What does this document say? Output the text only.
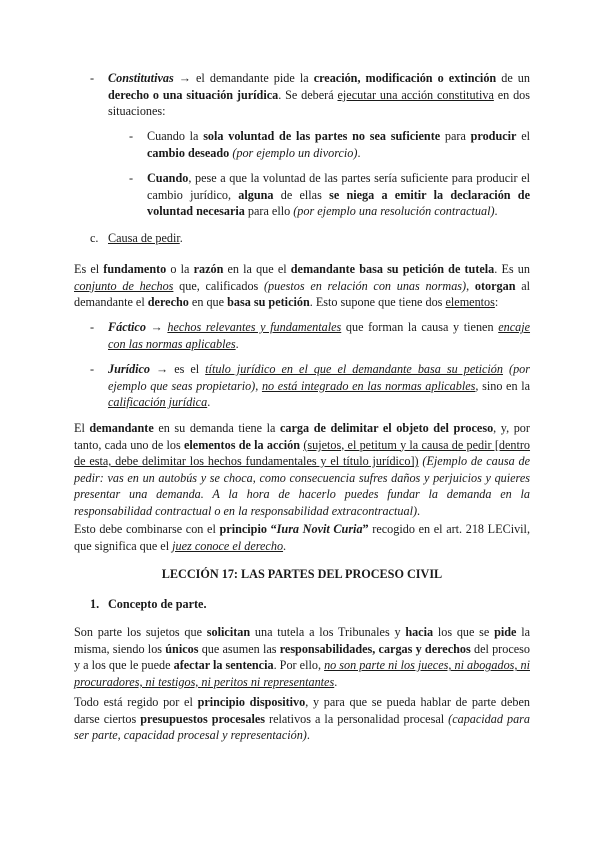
- Constitutivas → el demandante pide la creación, modificación o extinción de un derecho o una situación jurídica. Se deberá ejecutar una acción constitutiva en dos situaciones:

- Cuando la sola voluntad de las partes no sea suficiente para producir el cambio deseado (por ejemplo un divorcio).

- Cuando, pese a que la voluntad de las partes sería suficiente para producir el cambio jurídico, alguna de ellas se niega a emitir la declaración de voluntad necesaria para ello (por ejemplo una resolución contractual).

c. Causa de pedir.

Es el fundamento o la razón en la que el demandante basa su petición de tutela. Es un conjunto de hechos que, calificados (puestos en relación con unas normas), otorgan al demandante el derecho en que basa su petición. Esto supone que tiene dos elementos:

- Fáctico → hechos relevantes y fundamentales que forman la causa y tienen encaje con las normas aplicables.

- Jurídico → es el título jurídico en el que el demandante basa su petición (por ejemplo que seas propietario), no está integrado en las normas aplicables, sino en la calificación jurídica.

El demandante en su demanda tiene la carga de delimitar el objeto del proceso, y, por tanto, cada uno de los elementos de la acción (sujetos, el petitum y la causa de pedir [dentro de esta, debe delimitar los hechos fundamentales y el título jurídico]) (Ejemplo de causa de pedir: vas en un autobús y se choca, como consecuencia sufres daños y perjuicios y quieres presentar una demanda. A la hora de hacerlo puedes fundar la demanda en la responsabilidad contractual o en la responsabilidad extracontractual).

Esto debe combinarse con el principio “Iura Novit Curia” recogido en el art. 218 LECivil, que significa que el juez conoce el derecho.

LECCIÓN 17: LAS PARTES DEL PROCESO CIVIL

1. Concepto de parte.

Son parte los sujetos que solicitan una tutela a los Tribunales y hacia los que se pide la misma, siendo los únicos que asumen las responsabilidades, cargas y derechos del proceso y a los que le puede afectar la sentencia. Por ello, no son parte ni los jueces, ni abogados, ni procuradores, ni testigos, ni peritos ni representantes.

Todo está regido por el principio dispositivo, y para que se pueda hablar de parte deben darse ciertos presupuestos procesales relativos a la personalidad procesal (capacidad para ser parte, capacidad procesal y representación).
